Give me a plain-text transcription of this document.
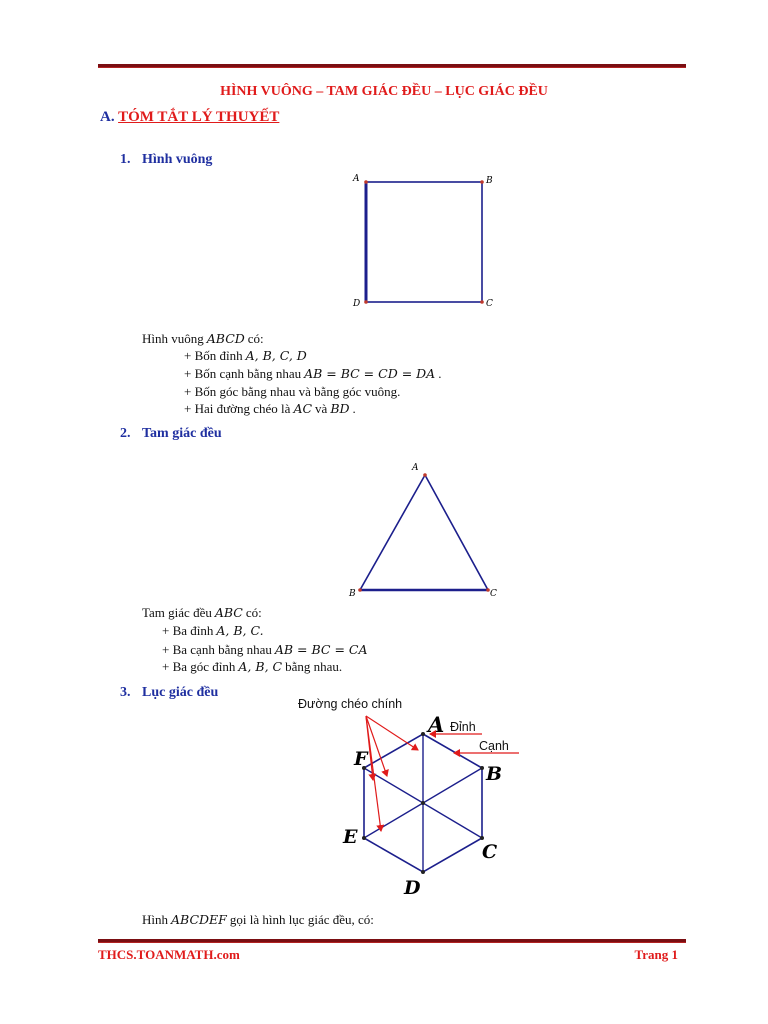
HÌNH VUÔNG – TAM GIÁC ĐỀU – LỤC GIÁC ĐỀU
A. TÓM TẮT LÝ THUYẾT
1. Hình vuông
A	B
C
D
Hình vuông ABCD có:
+ Bốn đỉnh A, B, C, D
+ Bốn cạnh bằng nhau AB = BC = CD = DA .
+ Bốn góc bằng nhau và bằng góc vuông.
+ Hai đường chéo là AC và BD .
2. Tam giác đều
A
B	C
Tam giác đều ABC có:
+ Ba đỉnh A, B, C.
+ Ba cạnh bằng nhau AB = BC = CA
+ Ba góc đỉnh A, B, C bằng nhau.
3. Lục giác đều
Đường chéo chính
Đỉnh
Cạnh
A
B
C
D
E
F
Hình ABCDEF gọi là hình lục giác đều, có:
THCS.TOANMATH.com	Trang 1
